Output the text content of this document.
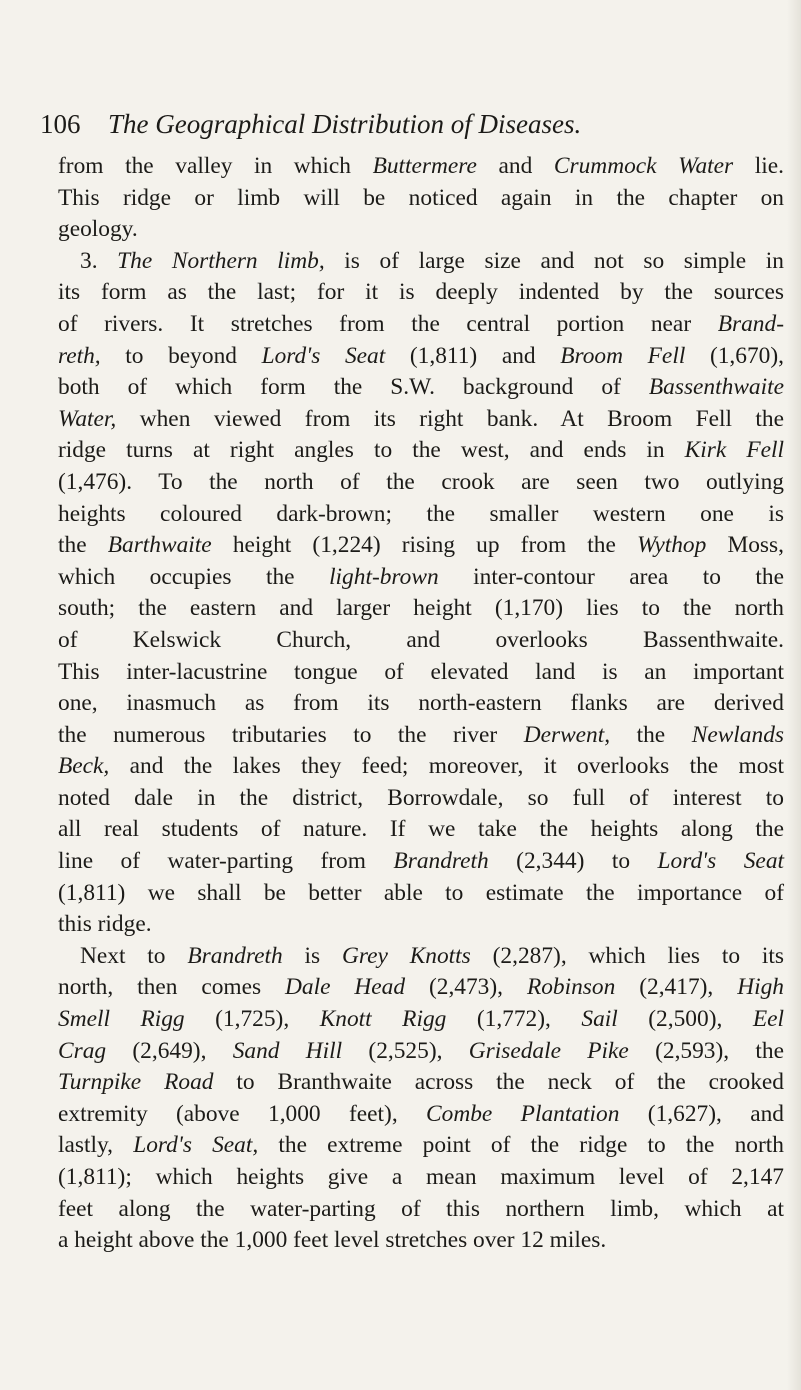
106 The Geographical Distribution of Diseases.
from the valley in which Buttermere and Crummock Water lie.
This ridge or limb will be noticed again in the chapter on
geology.
3. The Northern limb, is of large size and not so simple in
its form as the last; for it is deeply indented by the sources
of rivers. It stretches from the central portion near Brand-
reth, to beyond Lord's Seat (1,811) and Broom Fell (1,670),
both of which form the S.W. background of Bassenthwaite
Water, when viewed from its right bank. At Broom Fell the
ridge turns at right angles to the west, and ends in Kirk Fell
(1,476). To the north of the crook are seen two outlying
heights coloured dark-brown; the smaller western one is
the Barthwaite height (1,224) rising up from the Wythop Moss,
which occupies the light-brown inter-contour area to the
south; the eastern and larger height (1,170) lies to the north
of Kelswick Church, and overlooks Bassenthwaite.
This inter-lacustrine tongue of elevated land is an important
one, inasmuch as from its north-eastern flanks are derived
the numerous tributaries to the river Derwent, the Newlands
Beck, and the lakes they feed; moreover, it overlooks the most
noted dale in the district, Borrowdale, so full of interest to
all real students of nature. If we take the heights along the
line of water-parting from Brandreth (2,344) to Lord's Seat
(1,811) we shall be better able to estimate the importance of
this ridge.
Next to Brandreth is Grey Knotts (2,287), which lies to its
north, then comes Dale Head (2,473), Robinson (2,417), High
Smell Rigg (1,725), Knott Rigg (1,772), Sail (2,500), Eel
Crag (2,649), Sand Hill (2,525), Grisedale Pike (2,593), the
Turnpike Road to Branthwaite across the neck of the crooked
extremity (above 1,000 feet), Combe Plantation (1,627), and
lastly, Lord's Seat, the extreme point of the ridge to the north
(1,811); which heights give a mean maximum level of 2,147
feet along the water-parting of this northern limb, which at
a height above the 1,000 feet level stretches over 12 miles.
